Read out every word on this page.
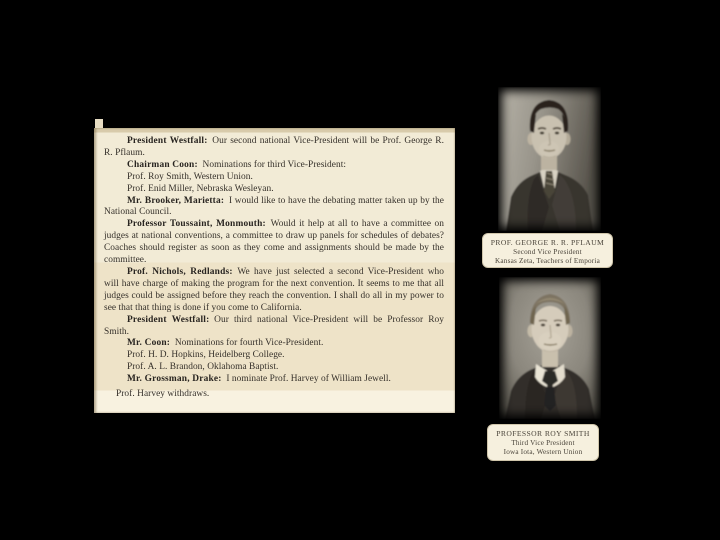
President Westfall: Our second national Vice-President will be Prof. George R. R. Pflaum.

Chairman Coon: Nominations for third Vice-President:

Prof. Roy Smith, Western Union.

Prof. Enid Miller, Nebraska Wesleyan.

Mr. Brooker, Marietta: I would like to have the debating matter taken up by the National Council.

Professor Toussaint, Monmouth: Would it help at all to have a committee on judges at national conventions, a committee to draw up panels for schedules of debates? Coaches should register as soon as they come and assignments should be made by the committee.

Prof. Nichols, Redlands: We have just selected a second Vice-President who will have charge of making the program for the next convention. It seems to me that all judges could be assigned before they reach the convention. I shall do all in my power to see that that thing is done if you come to California.

President Westfall: Our third national Vice-President will be Professor Roy Smith.

Mr. Coon: Nominations for fourth Vice-President.

Prof. H. D. Hopkins, Heidelberg College.

Prof. A. L. Brandon, Oklahoma Baptist.

Mr. Grossman, Drake: I nominate Prof. Harvey of William Jewell.

Prof. Harvey withdraws.

PROF. GEORGE R. R. PFLAUM
Second Vice President
Kansas Zeta, Teachers of Emporia
PROFESSOR ROY SMITH
Third Vice President
Iowa Iota, Western Union
